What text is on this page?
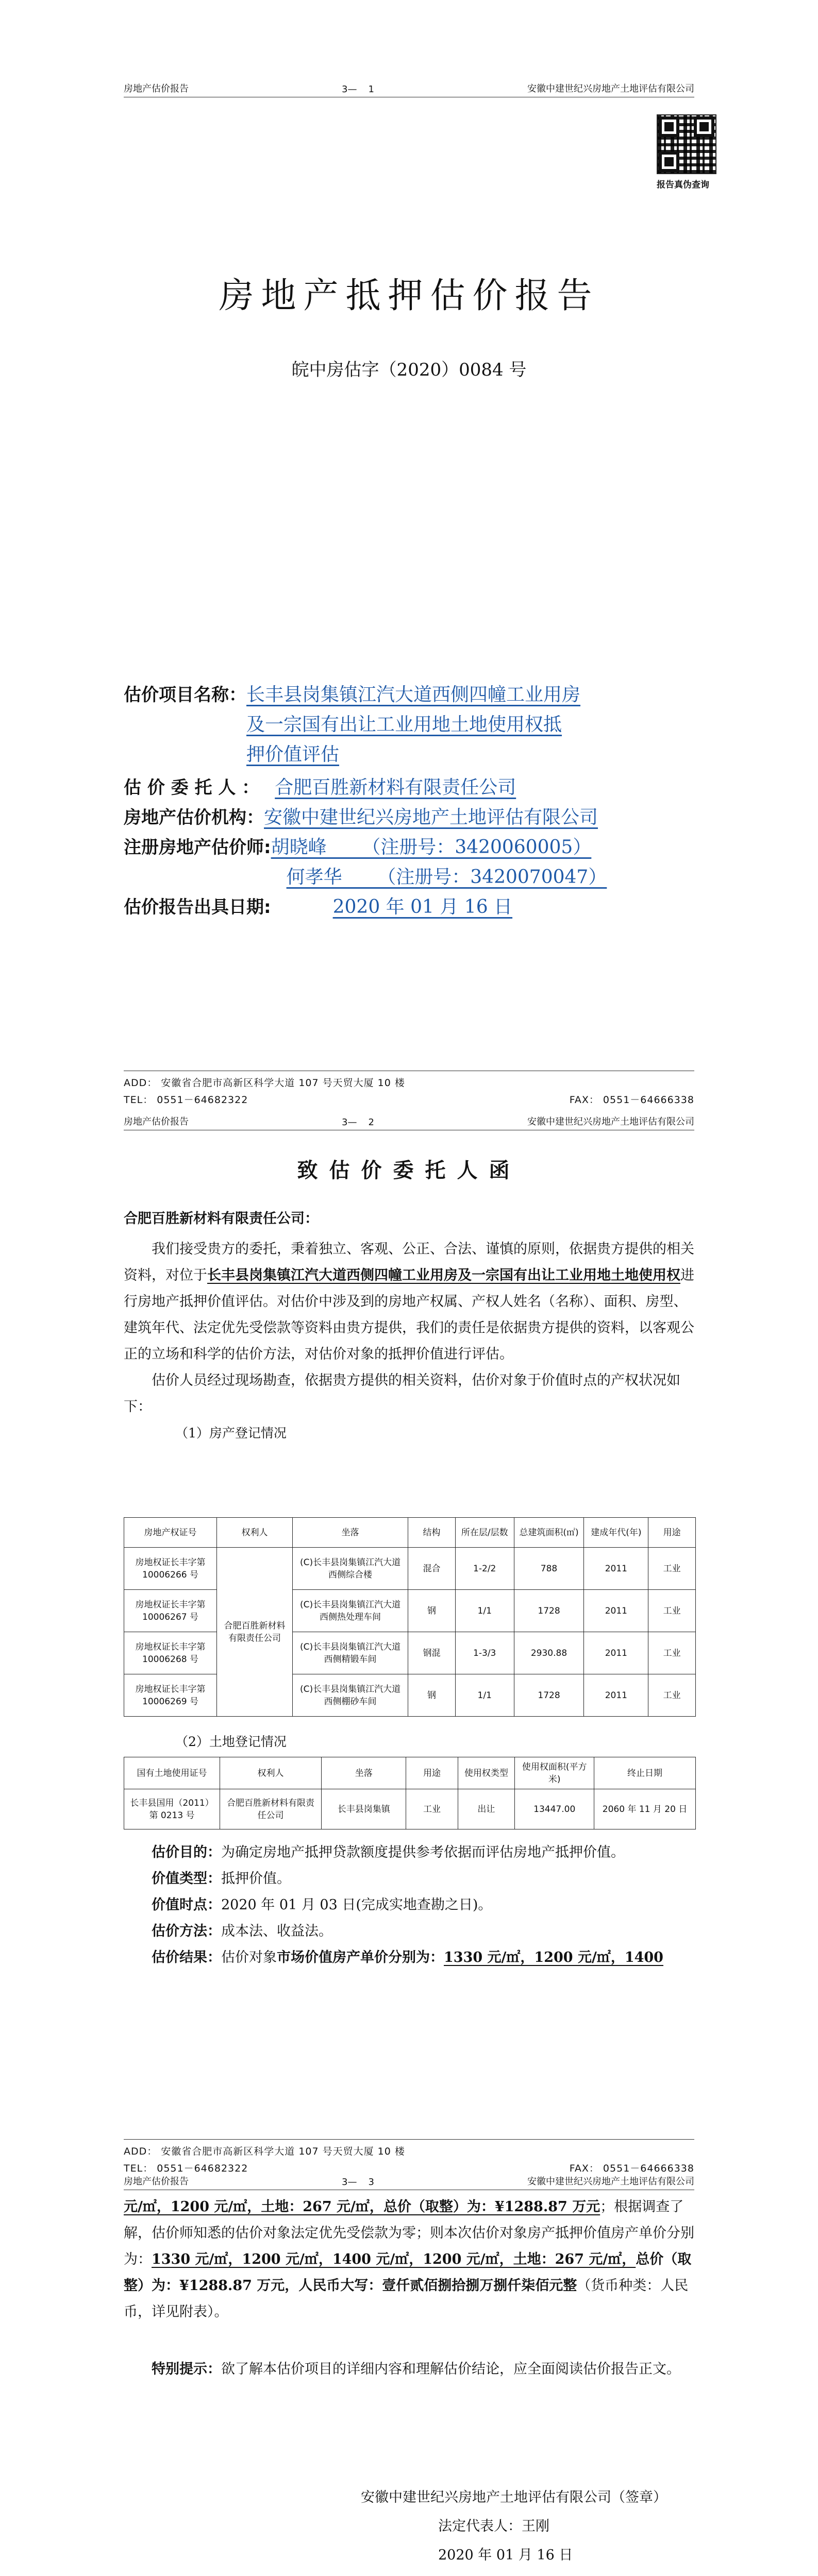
房地产估价报告	3— 1	安徽中建世纪兴房地产土地评估有限公司
报告真伪查询
房地产抵押估价报告
皖中房估字（2020）0084 号
估价项目名称： 长丰县岗集镇江汽大道西侧四幢工业用房
及一宗国有出让工业用地土地使用权抵
押价值评估
估 价 委 托 人 ： 合肥百胜新材料有限责任公司
房地产估价机构： 安徽中建世纪兴房地产土地评估有限公司
注册房地产估价师: 胡晓峰      （注册号：3420060005）
何孝华      （注册号：3420070047）
估价报告出具日期:	2020 年 01 月 16 日
ADD： 安徽省合肥市高新区科学大道 107 号天贸大厦 10 楼
TEL： 0551－64682322	FAX： 0551－64666338
房地产估价报告	3— 2	安徽中建世纪兴房地产土地评估有限公司
致估价委托人函
合肥百胜新材料有限责任公司：

我们接受贵方的委托，秉着独立、客观、公正、合法、谨慎的原则，依据贵方提供的相关资料，对位于长丰县岗集镇江汽大道西侧四幢工业用房及一宗国有出让工业用地土地使用权进行房地产抵押价值评估。对估价中涉及到的房地产权属、产权人姓名（名称）、面积、房型、建筑年代、法定优先受偿款等资料由贵方提供，我们的责任是依据贵方提供的资料，以客观公正的立场和科学的估价方法，对估价对象的抵押价值进行评估。

估价人员经过现场勘查，依据贵方提供的相关资料，估价对象于价值时点的产权状况如下：

（1）房产登记情况
房地产权证号	权利人	坐落	结构	所在层/层数	总建筑面积(㎡)	建成年代(年)	用途
房地权证长丰字第 10006266 号	合肥百胜新材料有限责任公司	(C)长丰县岗集镇江汽大道西侧综合楼	混合	1-2/2	788	2011	工业
房地权证长丰字第 10006267 号		(C)长丰县岗集镇江汽大道西侧热处理车间	钢	1/1	1728	2011	工业
房地权证长丰字第 10006268 号		(C)长丰县岗集镇江汽大道西侧精锻车间	钢混	1-3/3	2930.88	2011	工业
房地权证长丰字第 10006269 号		(C)长丰县岗集镇江汽大道西侧棚砂车间	钢	1/1	1728	2011	工业
（2）土地登记情况
国有土地使用证号	权利人	坐落	用途	使用权类型	使用权面积(平方米)	终止日期
长丰县国用（2011）第 0213 号	合肥百胜新材料有限责任公司	长丰县岗集镇	工业	出让	13447.00	2060 年 11 月 20 日

估价目的：为确定房地产抵押贷款额度提供参考依据而评估房地产抵押价值。

价值类型：抵押价值。

价值时点：2020 年 01 月 03 日(完成实地查勘之日)。

估价方法：成本法、收益法。

估价结果：估价对象市场价值房产单价分别为：1330 元/㎡，1200 元/㎡，1400

ADD： 安徽省合肥市高新区科学大道 107 号天贸大厦 10 楼
TEL： 0551－64682322	FAX： 0551－64666338
房地产估价报告	3— 3	安徽中建世纪兴房地产土地评估有限公司
元/㎡，1200 元/㎡，土地：267 元/㎡，总价（取整）为：¥1288.87 万元；根据调查了解，估价师知悉的估价对象法定优先受偿款为零；则本次估价对象房产抵押价值房产单价分别为：1330 元/㎡，1200 元/㎡，1400 元/㎡，1200 元/㎡，土地：267 元/㎡，总价（取整）为：¥1288.87 万元，人民币大写：壹仟贰佰捌拾捌万捌仟柒佰元整（货币种类：人民币，详见附表）。

特别提示：欲了解本估价项目的详细内容和理解估价结论，应全面阅读估价报告正文。

安徽中建世纪兴房地产土地评估有限公司（签章）
法定代表人：王刚
2020 年 01 月 16 日
